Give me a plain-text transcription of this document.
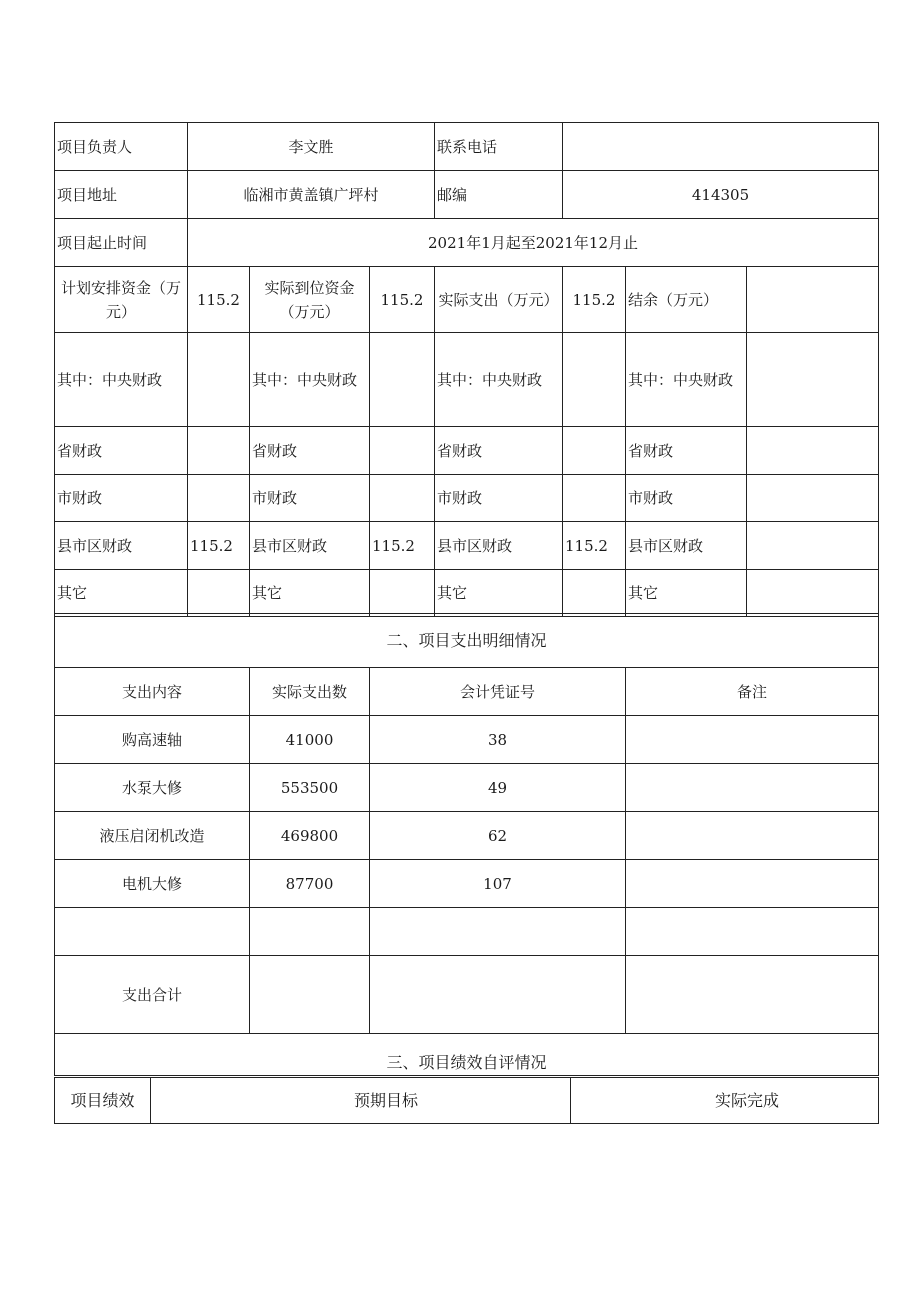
项目负责人	李文胜			联系电话			
项目地址	临湘市黄盖镇广坪村			邮编	414305		
项目起止时间	2021年1月起至2021年12月止						
计划安排资金（万元）	115.2	实际到位资金（万元）	115.2	实际支出（万元）	115.2	结余（万元）	
其中：中央财政		其中：中央财政		其中：中央财政		其中：中央财政	
省财政		省财政		省财政		省财政	
市财政		市财政		市财政		市财政	
县市区财政	115.2	县市区财政	115.2	县市区财政	115.2	县市区财政	
其它		其它		其它		其它	
二、项目支出明细情况			
支出内容	实际支出数	会计凭证号	备注
购高速轴	41000	38	
水泵大修	553500	49	
液压启闭机改造	469800	62	
电机大修	87700	107	

支出合计			
三、项目绩效自评情况			
项目绩效	预期目标	实际完成
